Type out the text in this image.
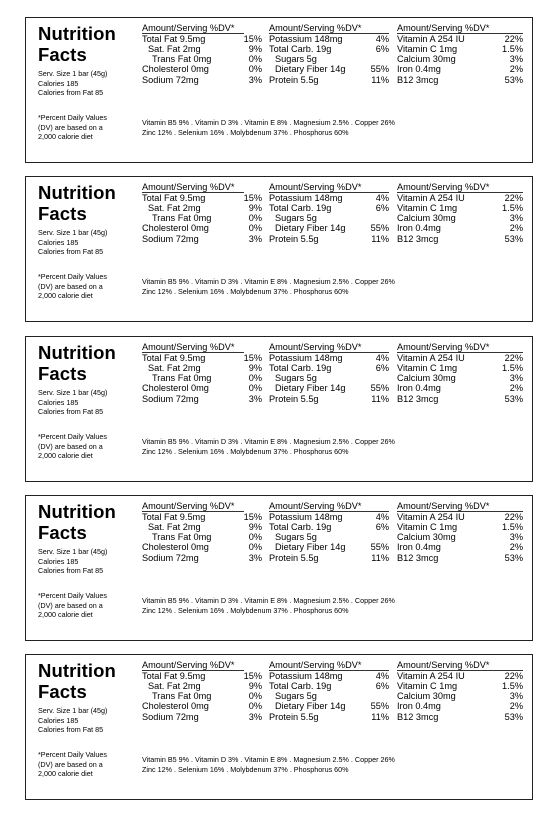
Nutrition
Facts
Serv. Size 1 bar (45g)
Calories 185
Calories from Fat 85
*Percent Daily Values
(DV) are based on a
2,000 calorie diet
Amount/Serving %DV*
Total Fat 9.5mg	15%
Sat. Fat 2mg	9%
Trans Fat 0mg	0%
Cholesterol 0mg	0%
Sodium 72mg	3%
Amount/Serving %DV*
Potassium 148mg	4%
Total Carb. 19g	6%
Sugars 5g
Dietary Fiber 14g	55%
Protein 5.5g	11%
Amount/Serving %DV*
Vitamin A 254 IU	22%
Vitamin C 1mg	1.5%
Calcium 30mg	3%
Iron 0.4mg	2%
B12 3mcg	53%
Vitamin B5 9% . Vitamin D 3% . Vitamin E 8% . Magnesium 2.5% . Copper 26%
Zinc 12% . Selenium 16% . Molybdenum 37% . Phosphorus 60%
Nutrition
Facts
Serv. Size 1 bar (45g)
Calories 185
Calories from Fat 85
*Percent Daily Values
(DV) are based on a
2,000 calorie diet
Amount/Serving %DV*
Total Fat 9.5mg	15%
Sat. Fat 2mg	9%
Trans Fat 0mg	0%
Cholesterol 0mg	0%
Sodium 72mg	3%
Amount/Serving %DV*
Potassium 148mg	4%
Total Carb. 19g	6%
Sugars 5g
Dietary Fiber 14g	55%
Protein 5.5g	11%
Amount/Serving %DV*
Vitamin A 254 IU	22%
Vitamin C 1mg	1.5%
Calcium 30mg	3%
Iron 0.4mg	2%
B12 3mcg	53%
Vitamin B5 9% . Vitamin D 3% . Vitamin E 8% . Magnesium 2.5% . Copper 26%
Zinc 12% . Selenium 16% . Molybdenum 37% . Phosphorus 60%
Nutrition
Facts
Serv. Size 1 bar (45g)
Calories 185
Calories from Fat 85
*Percent Daily Values
(DV) are based on a
2,000 calorie diet
Amount/Serving %DV*
Total Fat 9.5mg	15%
Sat. Fat 2mg	9%
Trans Fat 0mg	0%
Cholesterol 0mg	0%
Sodium 72mg	3%
Amount/Serving %DV*
Potassium 148mg	4%
Total Carb. 19g	6%
Sugars 5g
Dietary Fiber 14g	55%
Protein 5.5g	11%
Amount/Serving %DV*
Vitamin A 254 IU	22%
Vitamin C 1mg	1.5%
Calcium 30mg	3%
Iron 0.4mg	2%
B12 3mcg	53%
Vitamin B5 9% . Vitamin D 3% . Vitamin E 8% . Magnesium 2.5% . Copper 26%
Zinc 12% . Selenium 16% . Molybdenum 37% . Phosphorus 60%
Nutrition
Facts
Serv. Size 1 bar (45g)
Calories 185
Calories from Fat 85
*Percent Daily Values
(DV) are based on a
2,000 calorie diet
Amount/Serving %DV*
Total Fat 9.5mg	15%
Sat. Fat 2mg	9%
Trans Fat 0mg	0%
Cholesterol 0mg	0%
Sodium 72mg	3%
Amount/Serving %DV*
Potassium 148mg	4%
Total Carb. 19g	6%
Sugars 5g
Dietary Fiber 14g	55%
Protein 5.5g	11%
Amount/Serving %DV*
Vitamin A 254 IU	22%
Vitamin C 1mg	1.5%
Calcium 30mg	3%
Iron 0.4mg	2%
B12 3mcg	53%
Vitamin B5 9% . Vitamin D 3% . Vitamin E 8% . Magnesium 2.5% . Copper 26%
Zinc 12% . Selenium 16% . Molybdenum 37% . Phosphorus 60%
Nutrition
Facts
Serv. Size 1 bar (45g)
Calories 185
Calories from Fat 85
*Percent Daily Values
(DV) are based on a
2,000 calorie diet
Amount/Serving %DV*
Total Fat 9.5mg	15%
Sat. Fat 2mg	9%
Trans Fat 0mg	0%
Cholesterol 0mg	0%
Sodium 72mg	3%
Amount/Serving %DV*
Potassium 148mg	4%
Total Carb. 19g	6%
Sugars 5g
Dietary Fiber 14g	55%
Protein 5.5g	11%
Amount/Serving %DV*
Vitamin A 254 IU	22%
Vitamin C 1mg	1.5%
Calcium 30mg	3%
Iron 0.4mg	2%
B12 3mcg	53%
Vitamin B5 9% . Vitamin D 3% . Vitamin E 8% . Magnesium 2.5% . Copper 26%
Zinc 12% . Selenium 16% . Molybdenum 37% . Phosphorus 60%
